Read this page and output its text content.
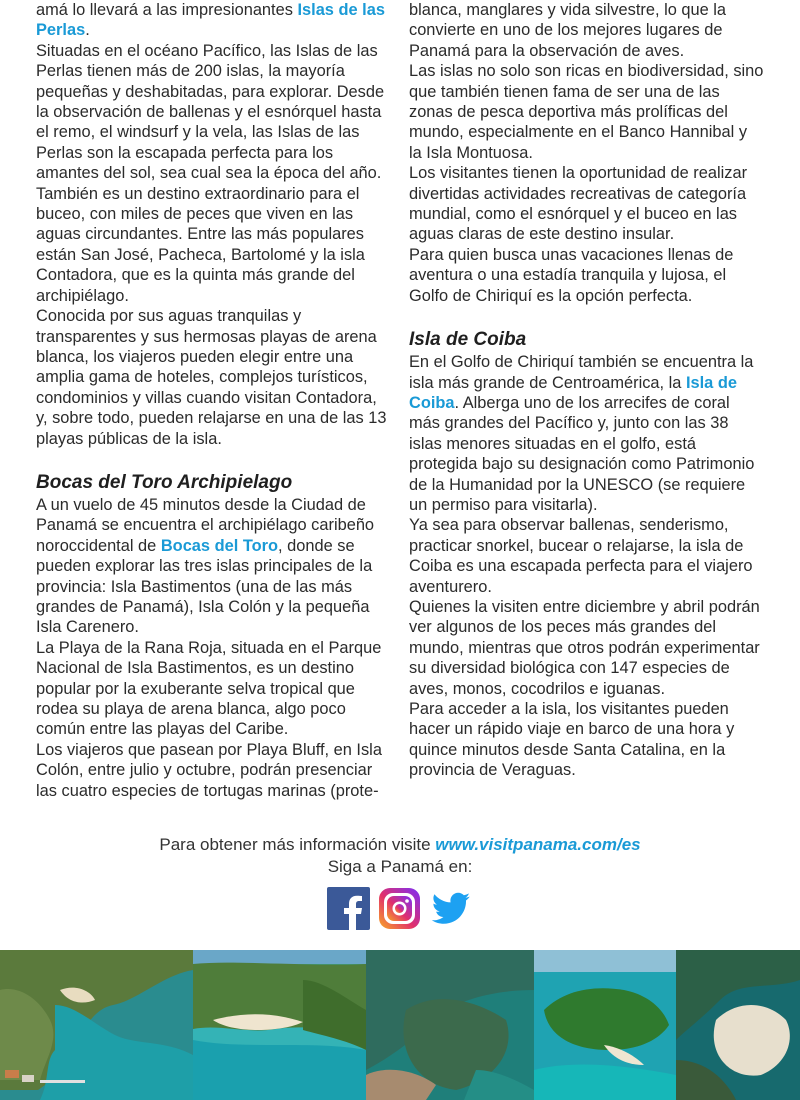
amá lo llevará a las impresionantes Islas de las Perlas.

Situadas en el océano Pacífico, las Islas de las Perlas tienen más de 200 islas, la mayoría pequeñas y deshabitadas, para explorar. Desde la observación de ballenas y el esnórquel hasta el remo, el windsurf y la vela, las Islas de las Perlas son la escapada perfecta para los amantes del sol, sea cual sea la época del año.

También es un destino extraordinario para el buceo, con miles de peces que viven en las aguas circundantes. Entre las más populares están San José, Pacheca, Bartolomé y la isla Contadora, que es la quinta más grande del archipiélago.

Conocida por sus aguas tranquilas y transparentes y sus hermosas playas de arena blanca, los viajeros pueden elegir entre una amplia gama de hoteles, complejos turísticos, condominios y villas cuando visitan Contadora, y, sobre todo, pueden relajarse en una de las 13 playas públicas de la isla.

Bocas del Toro Archipielago

A un vuelo de 45 minutos desde la Ciudad de Panamá se encuentra el archipiélago caribeño noroccidental de Bocas del Toro, donde se pueden explorar las tres islas principales de la provincia: Isla Bastimentos (una de las más grandes de Panamá), Isla Colón y la pequeña Isla Carenero.

La Playa de la Rana Roja, situada en el Parque Nacional de Isla Bastimentos, es un destino popular por la exuberante selva tropical que rodea su playa de arena blanca, algo poco común entre las playas del Caribe.

Los viajeros que pasean por Playa Bluff, en Isla Colón, entre julio y octubre, podrán presenciar las cuatro especies de tortugas marinas (prote-

blanca, manglares y vida silvestre, lo que la convierte en uno de los mejores lugares de Panamá para la observación de aves.

Las islas no solo son ricas en biodiversidad, sino que también tienen fama de ser una de las zonas de pesca deportiva más prolíficas del mundo, especialmente en el Banco Hannibal y la Isla Montuosa.

Los visitantes tienen la oportunidad de realizar divertidas actividades recreativas de categoría mundial, como el esnórquel y el buceo en las aguas claras de este destino insular.

Para quien busca unas vacaciones llenas de aventura o una estadía tranquila y lujosa, el Golfo de Chiriquí es la opción perfecta.

Isla de Coiba

En el Golfo de Chiriquí también se encuentra la isla más grande de Centroamérica, la Isla de Coiba. Alberga uno de los arrecifes de coral más grandes del Pacífico y, junto con las 38 islas menores situadas en el golfo, está protegida bajo su designación como Patrimonio de la Humanidad por la UNESCO (se requiere un permiso para visitarla).

Ya sea para observar ballenas, senderismo, practicar snorkel, bucear o relajarse, la isla de Coiba es una escapada perfecta para el viajero aventurero.

Quienes la visiten entre diciembre y abril podrán ver algunos de los peces más grandes del mundo, mientras que otros podrán experimentar su diversidad biológica con 147 especies de aves, monos, cocodrilos e iguanas.

Para acceder a la isla, los visitantes pueden hacer un rápido viaje en barco de una hora y quince minutos desde Santa Catalina, en la provincia de Veraguas.

Para obtener más información visite www.visitpanama.com/es
Siga a Panamá en:
